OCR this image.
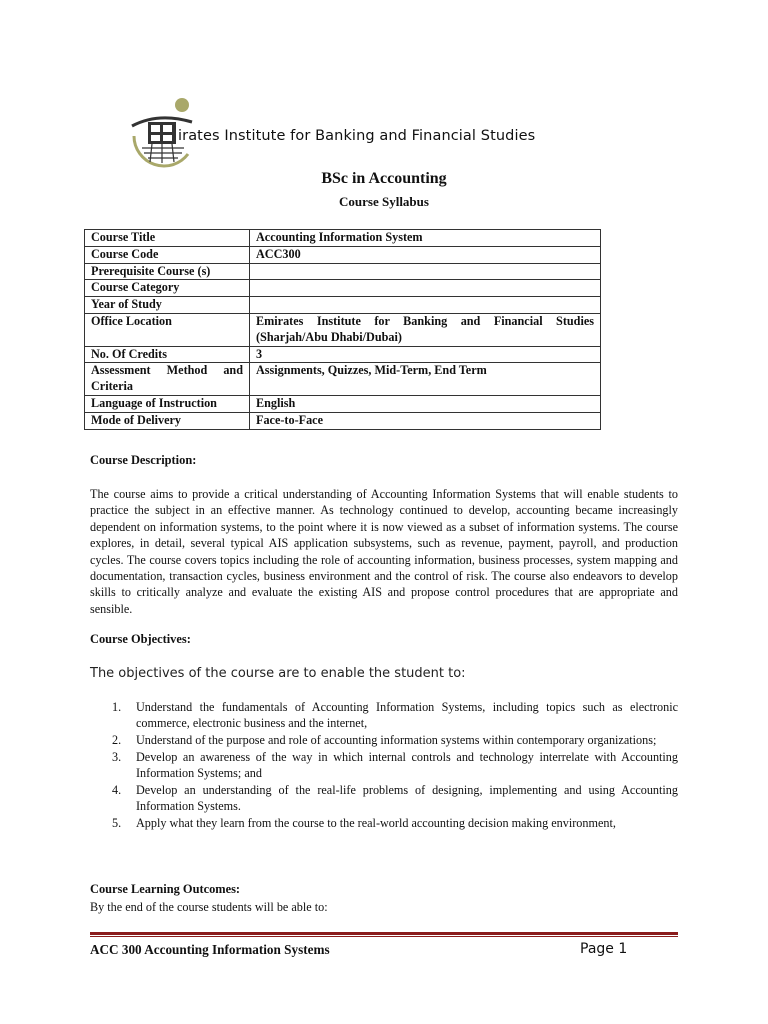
irates Institute for Banking and Financial Studies
BSc in Accounting
Course Syllabus
Course Title	Accounting Information System
Course Code	ACC300
Prerequisite Course (s)	
Course Category	
Year of Study	
Office Location	Emirates Institute for Banking and Financial Studies (Sharjah/Abu Dhabi/Dubai)
No. Of Credits	3
Assessment Method and Criteria	Assignments, Quizzes, Mid-Term, End Term
Language of Instruction	English
Mode of Delivery	Face-to-Face
Course Description:

The course aims to provide a critical understanding of Accounting Information Systems that will enable students to practice the subject in an effective manner. As technology continued to develop, accounting became increasingly dependent on information systems, to the point where it is now viewed as a subset of information systems. The course explores, in detail, several typical AIS application subsystems, such as revenue, payment, payroll, and production cycles. The course covers topics including the role of accounting information, business processes, system mapping and documentation, transaction cycles, business environment and the control of risk. The course also endeavors to develop skills to critically analyze and evaluate the existing AIS and propose control procedures that are appropriate and sensible.

Course Objectives:
The objectives of the course are to enable the student to:
1. Understand the fundamentals of Accounting Information Systems, including topics such as electronic commerce, electronic business and the internet,
2. Understand of the purpose and role of accounting information systems within contemporary organizations;
3. Develop an awareness of the way in which internal controls and technology interrelate with Accounting Information Systems; and
4. Develop an understanding of the real-life problems of designing, implementing and using Accounting Information Systems.
5. Apply what they learn from the course to the real-world accounting decision making environment,
Course Learning Outcomes:
By the end of the course students will be able to:
ACC 300 Accounting Information Systems	Page 1
